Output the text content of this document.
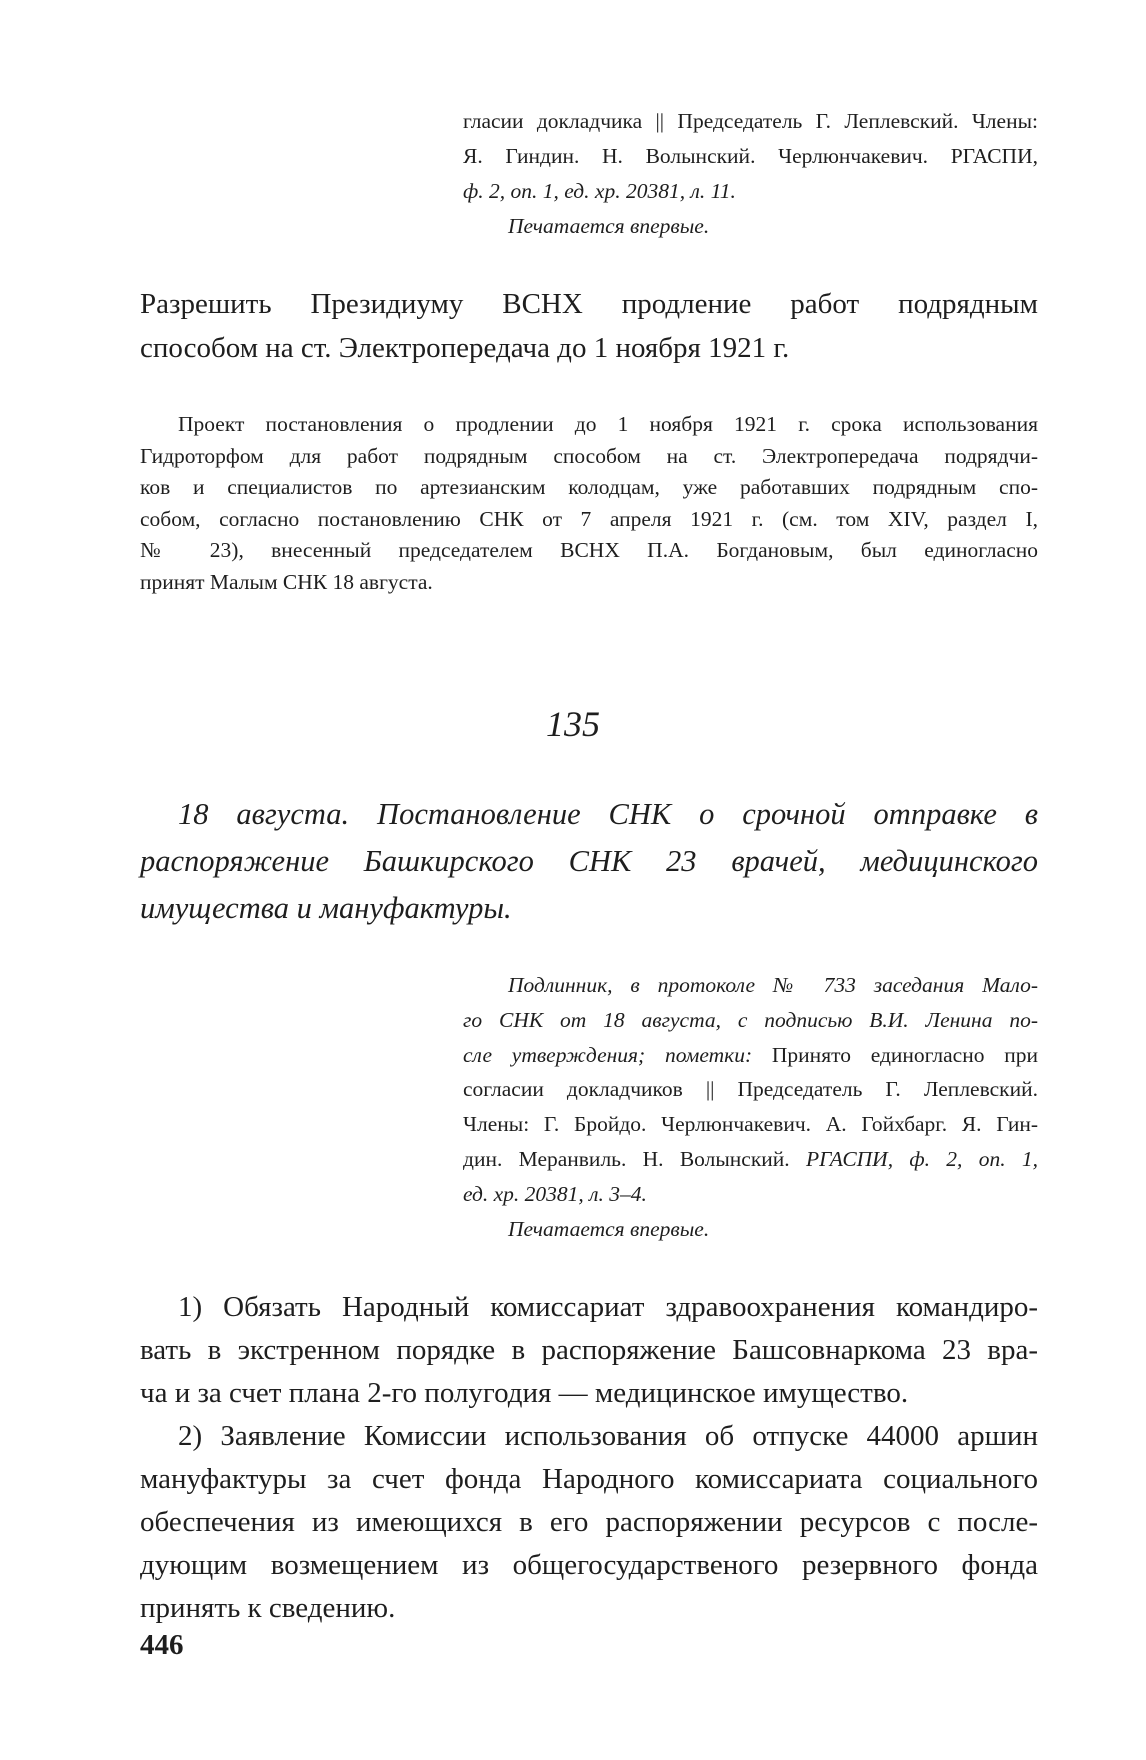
гласии докладчика || Председатель Г. Леплевский. Члены:
Я. Гиндин. Н. Волынский. Черлюнчакевич. РГАСПИ,
ф. 2, оп. 1, ед. хр. 20381, л. 11.
Печатается впервые.
Разрешить Президиуму ВСНХ продление работ подрядным
способом на ст. Электропередача до 1 ноября 1921 г.
Проект постановления о продлении до 1 ноября 1921 г. срока использования
Гидроторфом для работ подрядным способом на ст. Электропередача подрядчи-
ков и специалистов по артезианским колодцам, уже работавших подрядным спо-
собом, согласно постановлению СНК от 7 апреля 1921 г. (см. том XIV, раздел I,
№ 23), внесенный председателем ВСНХ П.А. Богдановым, был единогласно
принят Малым СНК 18 августа.
135
18 августа. Постановление СНК о срочной отправке в
распоряжение Башкирского СНК 23 врачей, медицинского
имущества и мануфактуры.
Подлинник, в протоколе № 733 заседания Мало-
го СНК от 18 августа, с подписью В.И. Ленина по-
сле утверждения; пометки: Принято единогласно при
согласии докладчиков || Председатель Г. Леплевский.
Члены: Г. Бройдо. Черлюнчакевич. А. Гойхбарг. Я. Гин-
дин. Меранвиль. Н. Волынский. РГАСПИ, ф. 2, оп. 1,
ед. хр. 20381, л. 3–4.
Печатается впервые.
1) Обязать Народный комиссариат здравоохранения командиро-
вать в экстренном порядке в распоряжение Башсовнаркома 23 вра-
ча и за счет плана 2-го полугодия — медицинское имущество.
2) Заявление Комиссии использования об отпуске 44000 аршин
мануфактуры за счет фонда Народного комиссариата социального
обеспечения из имеющихся в его распоряжении ресурсов с после-
дующим возмещением из общегосударственого резервного фонда
принять к сведению.
446
